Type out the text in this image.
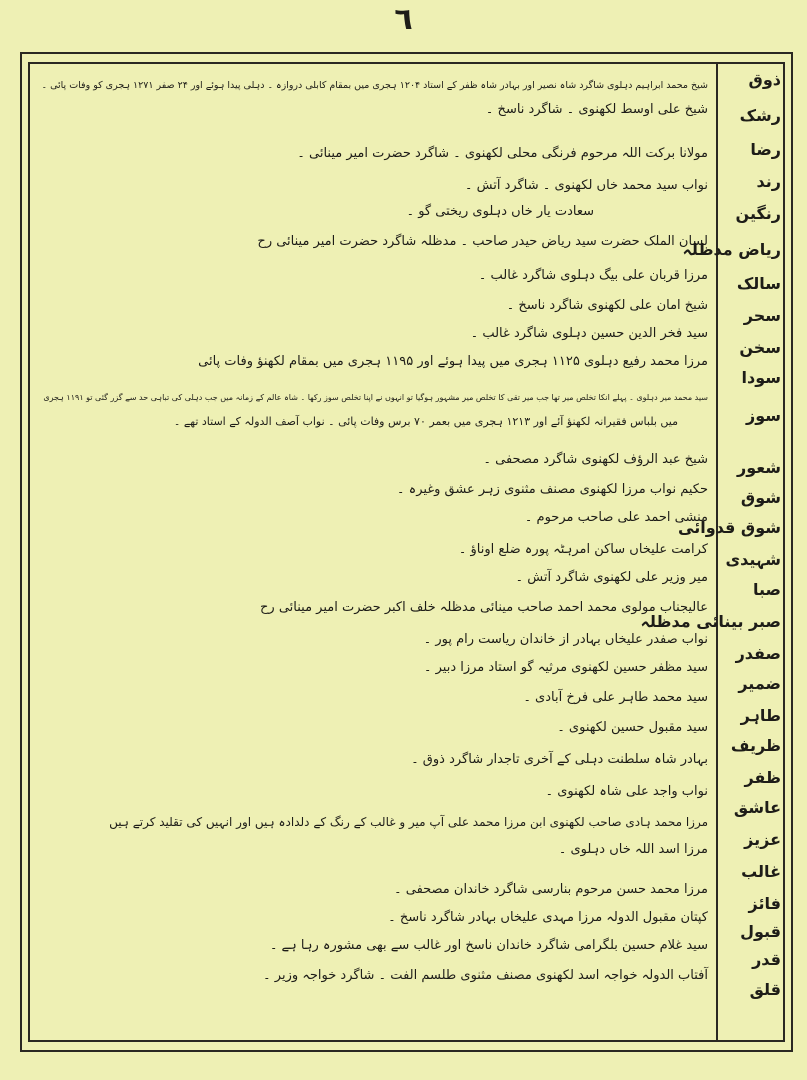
٦
ذوق
رشک
رضا
رند
رنگین
ریاض مدظلہ
سالک
سحر
سخن
سودا
سوز
شعور
شوق
شوق قدوائی
شہیدی
صبا
صبر بینائی مدظلہ
صفدر
ضمیر
طاہر
ظریف
ظفر
عاشق
عزیز
غالب
فائز
قبول
قدر
قلق
شیخ محمد ابراہیم دہلوی شاگرد شاہ نصیر اور بہادر شاہ ظفر کے استاد ۱۲۰۴ ہجری میں بمقام کابلی دروازہ ۔ دہلی پیدا ہوئے اور ۲۴ صفر ۱۲۷۱ ہجری کو وفات پائی ۔
شیخ علی اوسط لکھنوی ۔ شاگرد ناسخ ۔
مولانا برکت اللہ مرحوم فرنگی محلی لکھنوی ۔ شاگرد حضرت امیر مینائی ۔
نواب سید محمد خاں لکھنوی ۔ شاگرد آتش ۔
سعادت یار خاں دہلوی ریختی گو ۔
لسان الملک حضرت سید ریاض حیدر صاحب ۔ مدظلہ شاگرد حضرت امیر مینائی رح
مرزا قربان علی بیگ دہلوی شاگرد غالب ۔
شیخ امان علی لکھنوی شاگرد ناسخ ۔
سید فخر الدین حسین دہلوی شاگرد غالب ۔
مرزا محمد رفیع دہلوی ۱۱۲۵ ہجری میں پیدا ہوئے اور ۱۱۹۵ ہجری میں بمقام لکھنؤ وفات پائی
سید محمد میر دہلوی ۔ پہلے انکا تخلص میر تھا جب میر تقی کا تخلص میر مشہور ہوگیا تو انہوں نے اپنا تخلص سوز رکھا ۔ شاہ عالم کے زمانہ میں جب دہلی کی تباہی حد سے گزر گئی تو ۱۱۹۱ ہجری
میں بلباس فقیرانہ لکھنؤ آئے اور ۱۲۱۳ ہجری میں بعمر ۷۰ برس وفات پائی ۔ نواب آصف الدولہ کے استاد تھے ۔
شیخ عبد الرؤف لکھنوی شاگرد مصحفی ۔
حکیم نواب مرزا لکھنوی مصنف مثنوی زہر عشق وغیرہ ۔
منشی احمد علی صاحب مرحوم ۔
کرامت علیخاں ساکن امرہٹہ پورہ ضلع اوناؤ ۔
میر وزیر علی لکھنوی شاگرد آتش ۔
عالیجناب مولوی محمد احمد صاحب مینائی مدظلہ خلف اکبر حضرت امیر مینائی رح
نواب صفدر علیخاں بہادر از خاندان ریاست رام پور ۔
سید مظفر حسین لکھنوی مرثیہ گو استاد مرزا دبیر ۔
سید محمد طاہر علی فرخ آبادی ۔
سید مقبول حسین لکھنوی ۔
بہادر شاہ سلطنت دہلی کے آخری تاجدار شاگرد ذوق ۔
نواب واجد علی شاہ لکھنوی ۔
مرزا محمد ہادی صاحب لکھنوی ابن مرزا محمد علی آپ میر و غالب کے رنگ کے دلدادہ ہیں اور انہیں کی تقلید کرتے ہیں
مرزا اسد اللہ خاں دہلوی ۔
مرزا محمد حسن مرحوم بنارسی شاگرد خاندان مصحفی ۔
کپتان مقبول الدولہ مرزا مہدی علیخاں بہادر شاگرد ناسخ ۔
سید غلام حسین بلگرامی شاگرد خاندان ناسخ اور غالب سے بھی مشورہ رہا ہے ۔
آفتاب الدولہ خواجہ اسد لکھنوی مصنف مثنوی طلسم الفت ۔ شاگرد خواجہ وزیر ۔
